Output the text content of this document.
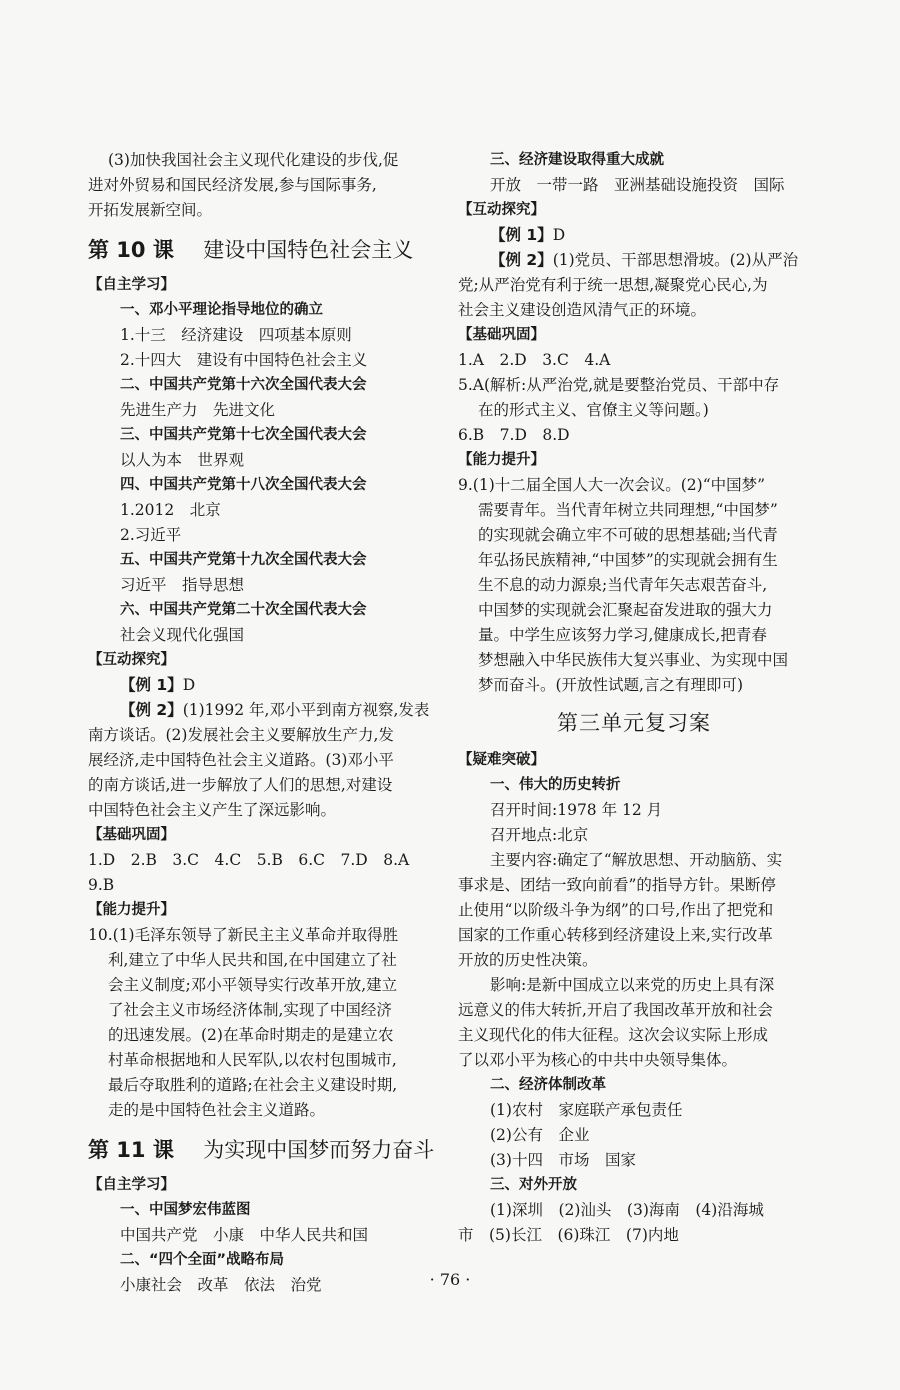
(3)加快我国社会主义现代化建设的步伐,促
进对外贸易和国民经济发展,参与国际事务,
开拓发展新空间。
第 10 课 建设中国特色社会主义
【自主学习】
一、邓小平理论指导地位的确立
1.十三　经济建设　四项基本原则
2.十四大　建设有中国特色社会主义
二、中国共产党第十六次全国代表大会
先进生产力　先进文化
三、中国共产党第十七次全国代表大会
以人为本　世界观
四、中国共产党第十八次全国代表大会
1.2012　北京
2.习近平
五、中国共产党第十九次全国代表大会
习近平　指导思想
六、中国共产党第二十次全国代表大会
社会义现代化强国
【互动探究】
【例 1】D
【例 2】(1)1992 年,邓小平到南方视察,发表
南方谈话。(2)发展社会主义要解放生产力,发
展经济,走中国特色社会主义道路。(3)邓小平
的南方谈话,进一步解放了人们的思想,对建设
中国特色社会主义产生了深远影响。
【基础巩固】
1.D　2.B　3.C　4.C　5.B　6.C　7.D　8.A
9.B
【能力提升】
10.(1)毛泽东领导了新民主主义革命并取得胜
利,建立了中华人民共和国,在中国建立了社
会主义制度;邓小平领导实行改革开放,建立
了社会主义市场经济体制,实现了中国经济
的迅速发展。(2)在革命时期走的是建立农
村革命根据地和人民军队,以农村包围城市,
最后夺取胜利的道路;在社会主义建设时期,
走的是中国特色社会主义道路。
第 11 课 为实现中国梦而努力奋斗
【自主学习】
一、中国梦宏伟蓝图
中国共产党　小康　中华人民共和国
二、“四个全面”战略布局
小康社会　改革　依法　治党
三、经济建设取得重大成就
开放　一带一路　亚洲基础设施投资　国际
【互动探究】
【例 1】D
【例 2】(1)党员、干部思想滑坡。(2)从严治
党;从严治党有利于统一思想,凝聚党心民心,为
社会主义建设创造风清气正的环境。
【基础巩固】
1.A　2.D　3.C　4.A
5.A(解析:从严治党,就是要整治党员、干部中存
在的形式主义、官僚主义等问题。)
6.B　7.D　8.D
【能力提升】
9.(1)十二届全国人大一次会议。(2)“中国梦”
需要青年。当代青年树立共同理想,“中国梦”
的实现就会确立牢不可破的思想基础;当代青
年弘扬民族精神,“中国梦”的实现就会拥有生
生不息的动力源泉;当代青年矢志艰苦奋斗,
中国梦的实现就会汇聚起奋发进取的强大力
量。中学生应该努力学习,健康成长,把青春
梦想融入中华民族伟大复兴事业、为实现中国
梦而奋斗。(开放性试题,言之有理即可)
第三单元复习案
【疑难突破】
一、伟大的历史转折
召开时间:1978 年 12 月
召开地点:北京
主要内容:确定了“解放思想、开动脑筋、实
事求是、团结一致向前看”的指导方针。果断停
止使用“以阶级斗争为纲”的口号,作出了把党和
国家的工作重心转移到经济建设上来,实行改革
开放的历史性决策。
影响:是新中国成立以来党的历史上具有深
远意义的伟大转折,开启了我国改革开放和社会
主义现代化的伟大征程。这次会议实际上形成
了以邓小平为核心的中共中央领导集体。
二、经济体制改革
(1)农村　家庭联产承包责任
(2)公有　企业
(3)十四　市场　国家
三、对外开放
(1)深圳　(2)汕头　(3)海南　(4)沿海城
市　(5)长江　(6)珠江　(7)内地
· 76 ·
